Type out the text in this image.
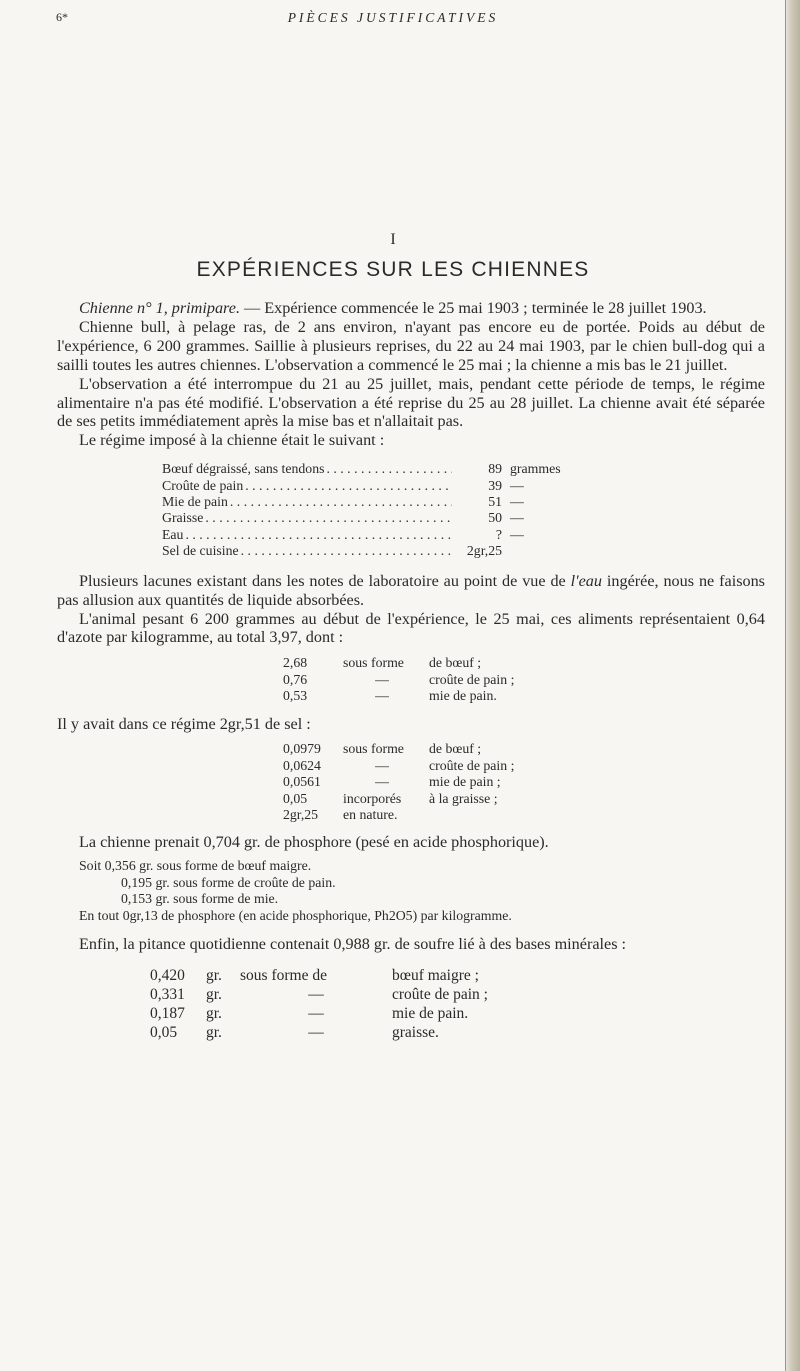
6*	PIÈCES JUSTIFICATIVES
I
EXPÉRIENCES SUR LES CHIENNES

Chienne n° 1, primipare. — Expérience commencée le 25 mai 1903 ; terminée le 28 juillet 1903.

Chienne bull, à pelage ras, de 2 ans environ, n'ayant pas encore eu de portée. Poids au début de l'expérience, 6 200 grammes. Saillie à plusieurs reprises, du 22 au 24 mai 1903, par le chien bull-dog qui a sailli toutes les autres chiennes. L'observation a commencé le 25 mai ; la chienne a mis bas le 21 juillet.

L'observation a été interrompue du 21 au 25 juillet, mais, pendant cette période de temps, le régime alimentaire n'a pas été modifié. L'observation a été reprise du 25 au 28 juillet. La chienne avait été séparée de ses petits immédiatement après la mise bas et n'allaitait pas.

Le régime imposé à la chienne était le suivant :

Bœuf dégraissé, sans tendons . . .	89 grammes
Croûte de pain . . .	39 —
Mie de pain . . .	51 —
Graisse . . .	50 —
Eau . . .	? —
Sel de cuisine . . .	2gr,25

Plusieurs lacunes existant dans les notes de laboratoire au point de vue de l'eau ingérée, nous ne faisons pas allusion aux quantités de liquide absorbées.

L'animal pesant 6 200 grammes au début de l'expérience, le 25 mai, ces aliments représentaient 0,64 d'azote par kilogramme, au total 3,97, dont :

2,68	sous forme	de bœuf ;
0,76	—	croûte de pain ;
0,53	—	mie de pain.

Il y avait dans ce régime 2gr,51 de sel :

0,0979	sous forme	de bœuf ;
0,0624	—	croûte de pain ;
0,0561	—	mie de pain ;
0,05	incorporés	à la graisse ;
2gr,25	en nature.

La chienne prenait 0,704 gr. de phosphore (pesé en acide phosphorique).

Soit 0,356 gr. sous forme de bœuf maigre.
0,195 gr. sous forme de croûte de pain.
0,153 gr. sous forme de mie.
En tout 0gr,13 de phosphore (en acide phosphorique, Ph2O5) par kilogramme.

Enfin, la pitance quotidienne contenait 0,988 gr. de soufre lié à des bases minérales :

0,420	gr.	sous forme de	bœuf maigre ;
0,331	gr.	—	croûte de pain ;
0,187	gr.	—	mie de pain.
0,05	gr.	—	graisse.
